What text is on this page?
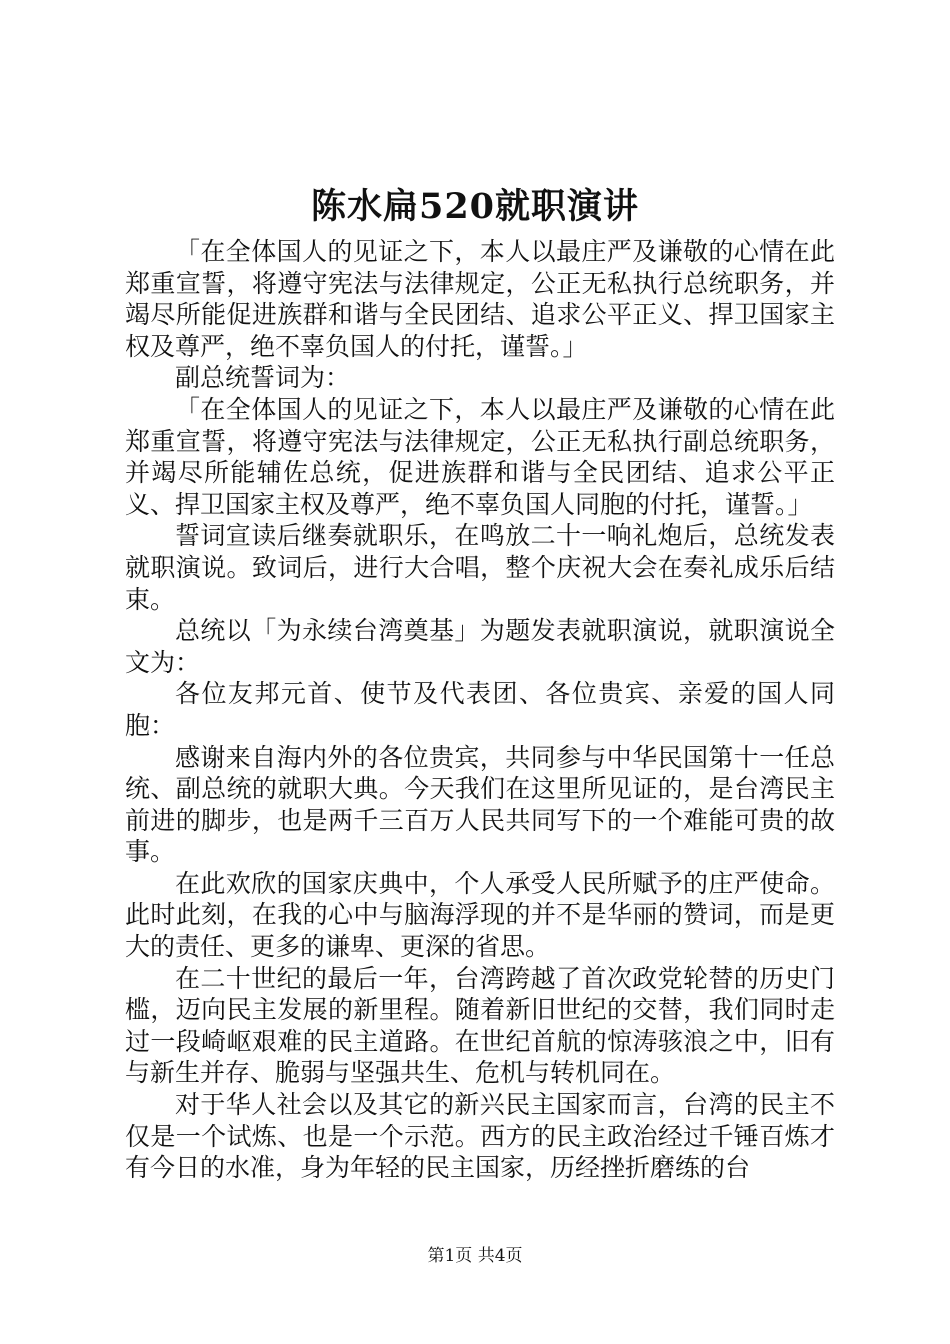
陈水扁520就职演讲

「在全体国人的见证之下，本人以最庄严及谦敬的心情在此郑重宣誓，将遵守宪法与法律规定，公正无私执行总统职务，并竭尽所能促进族群和谐与全民团结、追求公平正义、捍卫国家主权及尊严，绝不辜负国人的付托，谨誓。」

副总统誓词为：

「在全体国人的见证之下，本人以最庄严及谦敬的心情在此郑重宣誓，将遵守宪法与法律规定，公正无私执行副总统职务，并竭尽所能辅佐总统，促进族群和谐与全民团结、追求公平正义、捍卫国家主权及尊严，绝不辜负国人同胞的付托，谨誓。」

誓词宣读后继奏就职乐，在鸣放二十一响礼炮后，总统发表就职演说。致词后，进行大合唱，整个庆祝大会在奏礼成乐后结束。

总统以「为永续台湾奠基」为题发表就职演说，就职演说全文为：

各位友邦元首、使节及代表团、各位贵宾、亲爱的国人同胞：

感谢来自海内外的各位贵宾，共同参与中华民国第十一任总统、副总统的就职大典。今天我们在这里所见证的，是台湾民主前进的脚步，也是两千三百万人民共同写下的一个难能可贵的故事。

在此欢欣的国家庆典中，个人承受人民所赋予的庄严使命。此时此刻，在我的心中与脑海浮现的并不是华丽的赞词，而是更大的责任、更多的谦卑、更深的省思。

在二十世纪的最后一年，台湾跨越了首次政党轮替的历史门槛，迈向民主发展的新里程。随着新旧世纪的交替，我们同时走过一段崎岖艰难的民主道路。在世纪首航的惊涛骇浪之中，旧有与新生并存、脆弱与坚强共生、危机与转机同在。

对于华人社会以及其它的新兴民主国家而言，台湾的民主不仅是一个试炼、也是一个示范。西方的民主政治经过千锤百炼才有今日的水准，身为年轻的民主国家，历经挫折磨练的台

第1页 共4页
